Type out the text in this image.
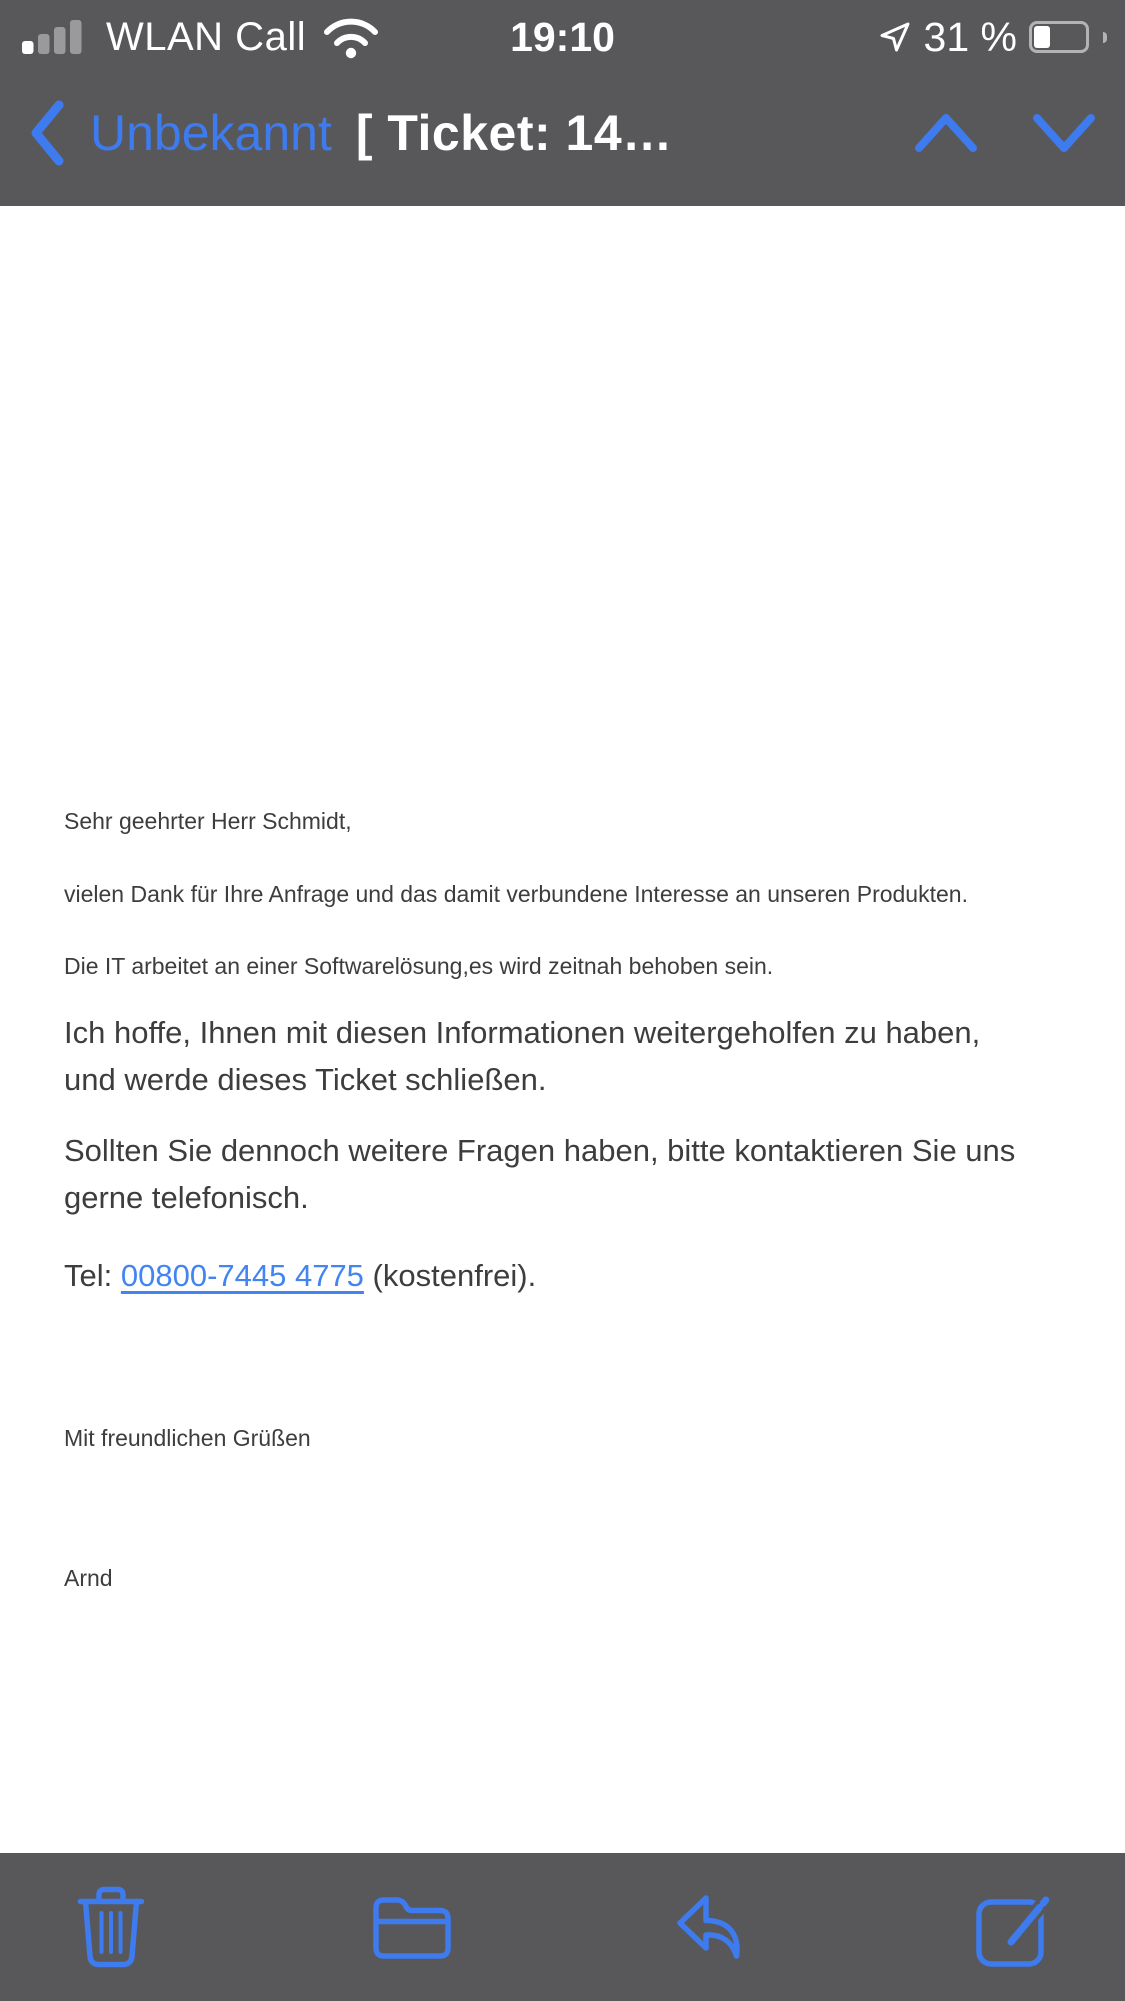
WLAN Call	19:10	31 %
Unbekannt [ Ticket: 14…

Sehr geehrter Herr Schmidt,

vielen Dank für Ihre Anfrage und das damit verbundene Interesse an unseren Produkten.

Die IT arbeitet an einer Softwarelösung,es wird zeitnah behoben sein.

Ich hoffe, Ihnen mit diesen Informationen weitergeholfen zu haben,
und werde dieses Ticket schließen.

Sollten Sie dennoch weitere Fragen haben, bitte kontaktieren Sie uns
gerne telefonisch.

Tel: 00800-7445 4775 (kostenfrei).

Mit freundlichen Grüßen

Arnd
